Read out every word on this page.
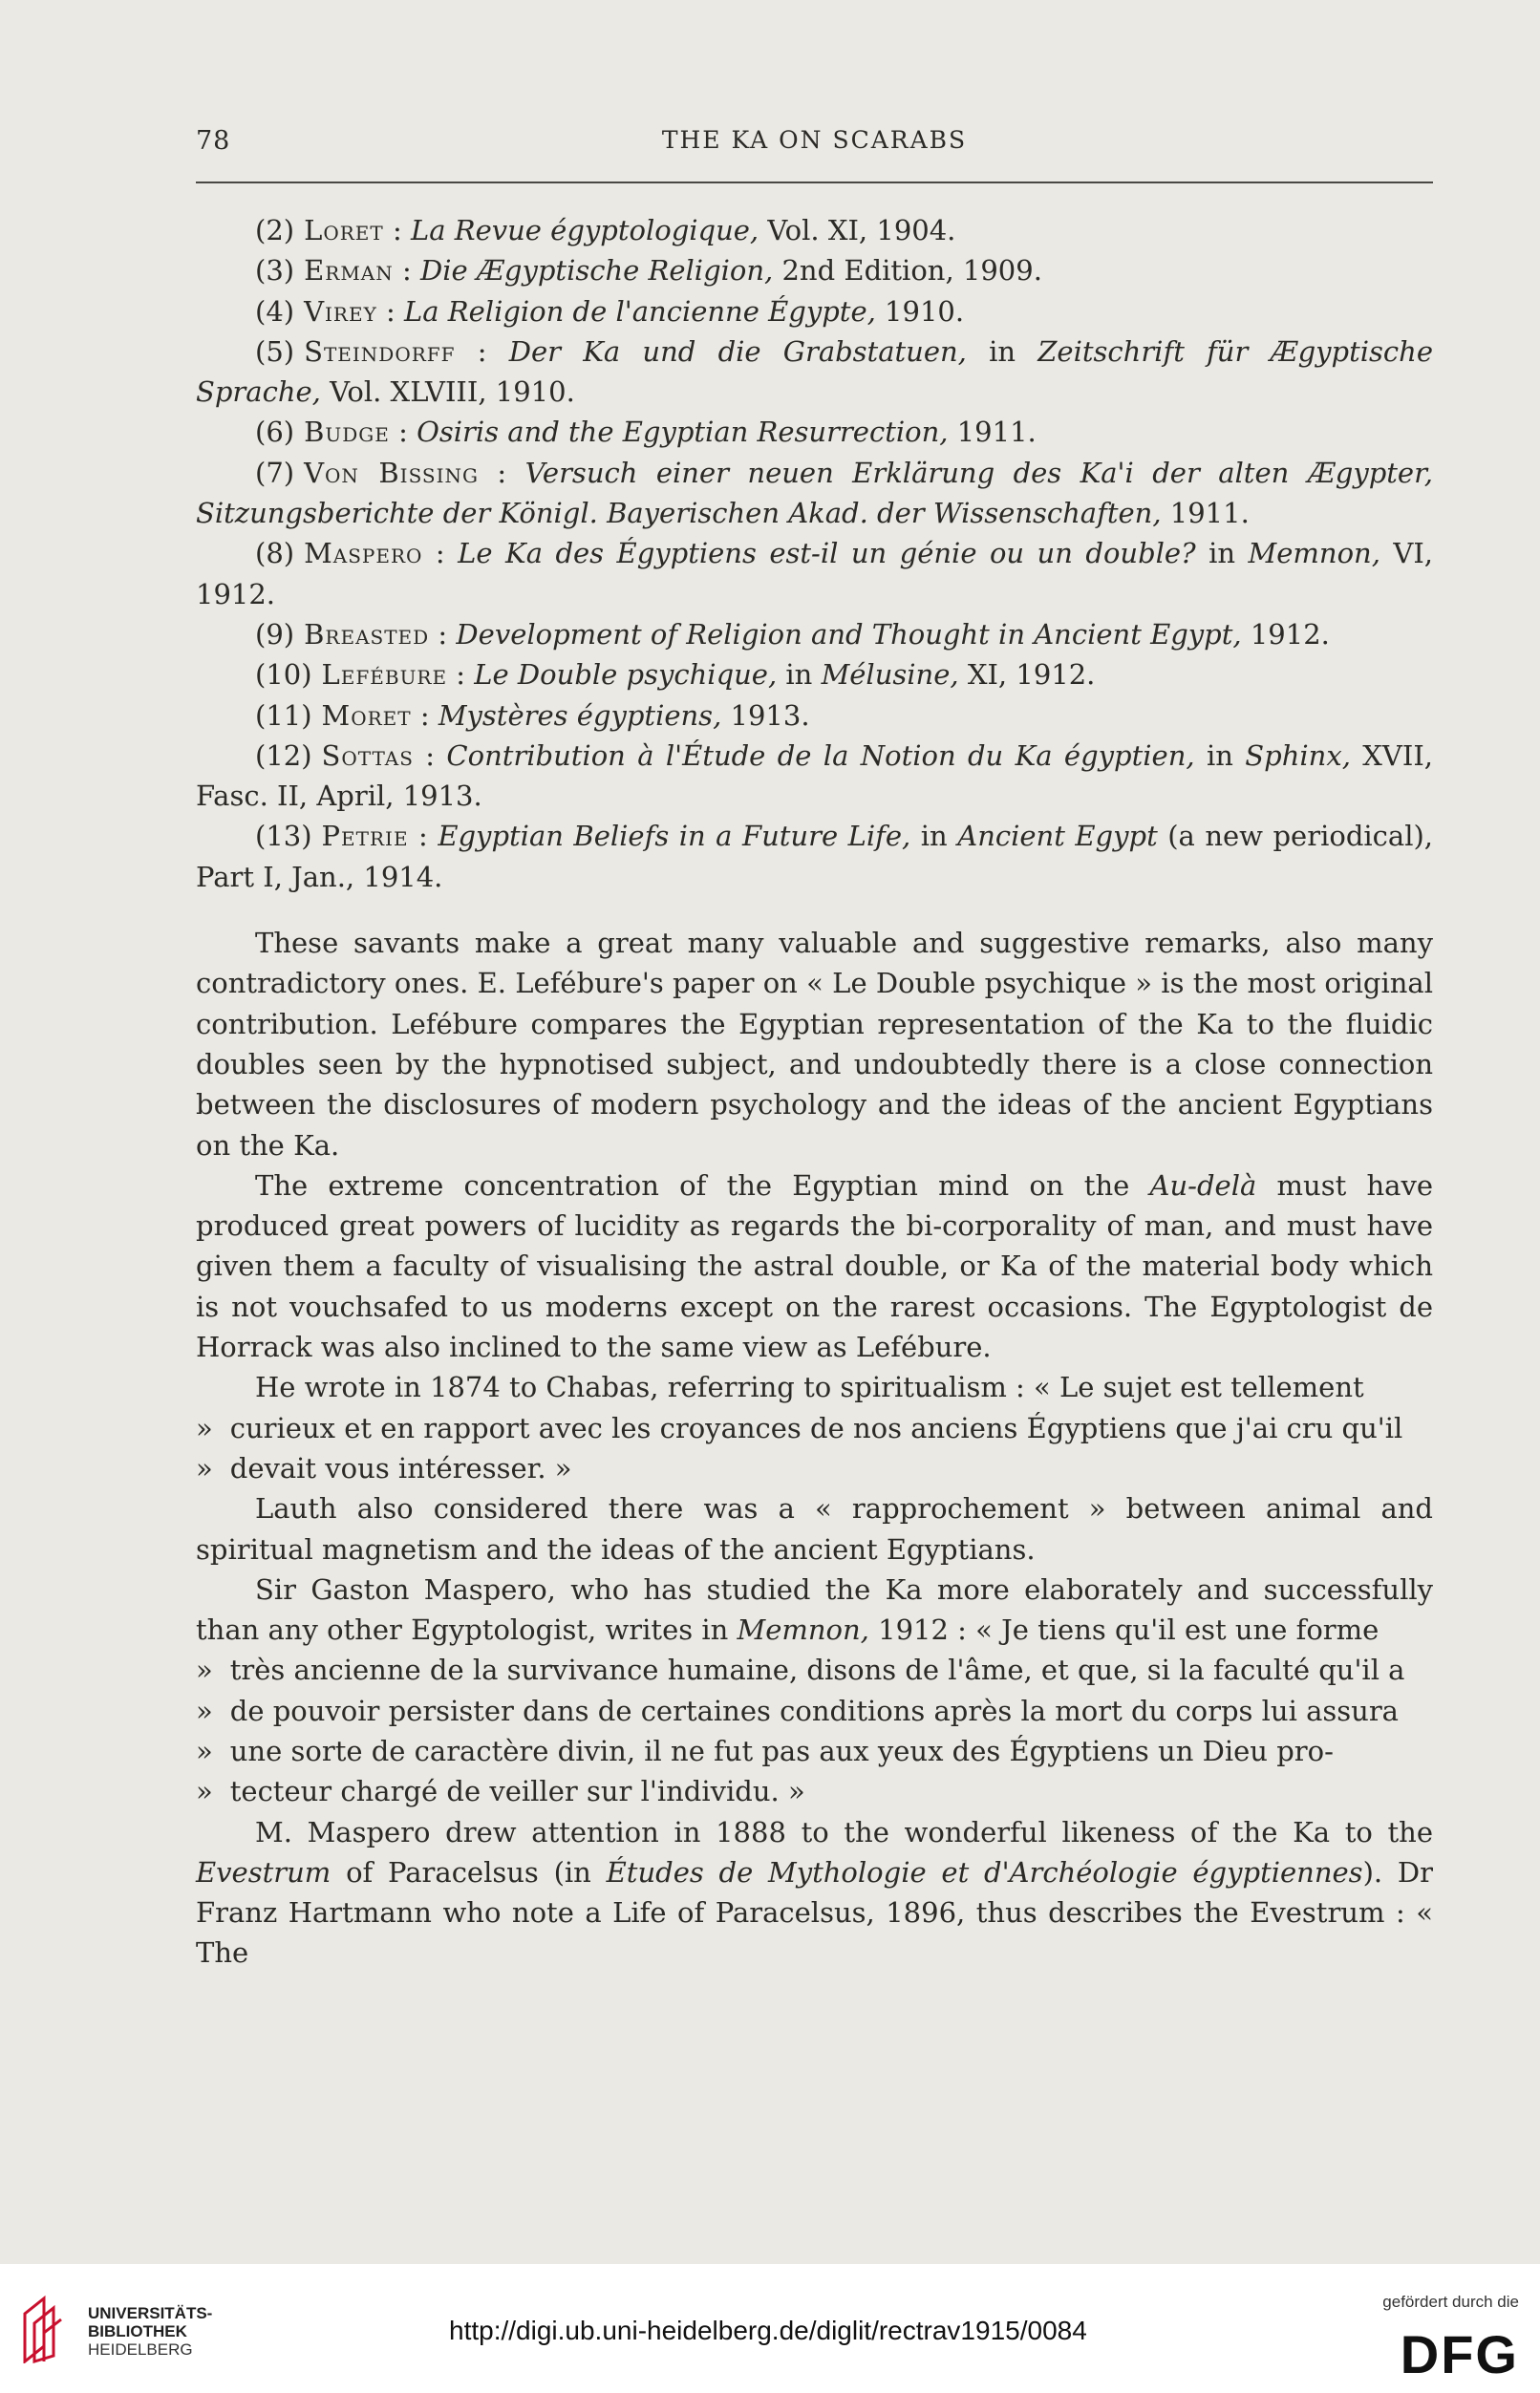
78	THE KA ON SCARABS

(2) Loret : La Revue égyptologique, Vol. XI, 1904.

(3) Erman : Die Ægyptische Religion, 2nd Edition, 1909.

(4) Virey : La Religion de l'ancienne Égypte, 1910.

(5) Steindorff : Der Ka und die Grabstatuen, in Zeitschrift für Ægyptische Sprache, Vol. XLVIII, 1910.

(6) Budge : Osiris and the Egyptian Resurrection, 1911.

(7) Von Bissing : Versuch einer neuen Erklärung des Ka'i der alten Ægypter, Sitzungsberichte der Königl. Bayerischen Akad. der Wissenschaften, 1911.

(8) Maspero : Le Ka des Égyptiens est-il un génie ou un double? in Memnon, VI, 1912.

(9) Breasted : Development of Religion and Thought in Ancient Egypt, 1912.

(10) Lefébure : Le Double psychique, in Mélusine, XI, 1912.

(11) Moret : Mystères égyptiens, 1913.

(12) Sottas : Contribution à l'Étude de la Notion du Ka égyptien, in Sphinx, XVII, Fasc. II, April, 1913.

(13) Petrie : Egyptian Beliefs in a Future Life, in Ancient Egypt (a new periodical), Part I, Jan., 1914.

These savants make a great many valuable and suggestive remarks, also many contradictory ones. E. Lefébure's paper on « Le Double psychique » is the most original contribution. Lefébure compares the Egyptian representation of the Ka to the fluidic doubles seen by the hypnotised subject, and undoubtedly there is a close connection between the disclosures of modern psychology and the ideas of the ancient Egyptians on the Ka.

The extreme concentration of the Egyptian mind on the Au-delà must have produced great powers of lucidity as regards the bi-corporality of man, and must have given them a faculty of visualising the astral double, or Ka of the material body which is not vouchsafed to us moderns except on the rarest occasions. The Egyptologist de Horrack was also inclined to the same view as Lefébure.

He wrote in 1874 to Chabas, referring to spiritualism : « Le sujet est tellement

» curieux et en rapport avec les croyances de nos anciens Égyptiens que j'ai cru qu'il

» devait vous intéresser. »

Lauth also considered there was a « rapprochement » between animal and spiritual magnetism and the ideas of the ancient Egyptians.

Sir Gaston Maspero, who has studied the Ka more elaborately and successfully than any other Egyptologist, writes in Memnon, 1912 : « Je tiens qu'il est une forme

» très ancienne de la survivance humaine, disons de l'âme, et que, si la faculté qu'il a

» de pouvoir persister dans de certaines conditions après la mort du corps lui assura

» une sorte de caractère divin, il ne fut pas aux yeux des Égyptiens un Dieu pro-

» tecteur chargé de veiller sur l'individu. »

M. Maspero drew attention in 1888 to the wonderful likeness of the Ka to the Evestrum of Paracelsus (in Études de Mythologie et d'Archéologie égyptiennes). Dr Franz Hartmann who note a Life of Paracelsus, 1896, thus describes the Evestrum : « The

UNIVERSITÄTS-
BIBLIOTHEK
HEIDELBERG
http://digi.ub.uni-heidelberg.de/diglit/rectrav1915/0084
gefördert durch die
DFG
